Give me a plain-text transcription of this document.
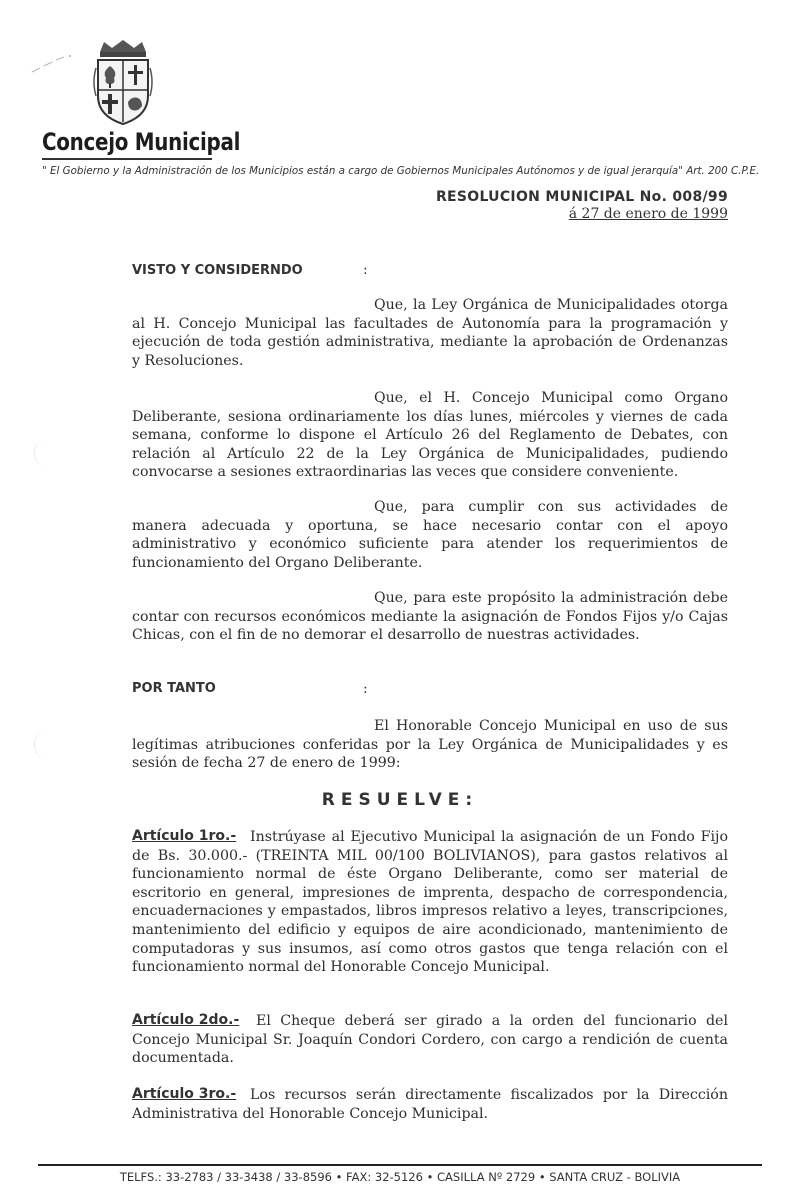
Concejo Municipal
" El Gobierno y la Administración de los Municipios están a cargo de Gobiernos Municipales Autónomos y de igual jerarquía" Art. 200 C.P.E.
RESOLUCION MUNICIPAL No. 008/99
á 27 de enero de 1999
VISTO Y CONSIDERNDO	:
Que, la Ley Orgánica de Municipalidades otorga al H. Concejo Municipal las facultades de Autonomía para la programación y ejecución de toda gestión administrativa, mediante la aprobación de Ordenanzas y Resoluciones.
Que, el H. Concejo Municipal como Organo Deliberante, sesiona ordinariamente los días lunes, miércoles y viernes de cada semana, conforme lo dispone el Artículo 26 del Reglamento de Debates, con relación al Artículo 22 de la Ley Orgánica de Municipalidades, pudiendo convocarse a sesiones extraordinarias las veces que considere conveniente.
Que, para cumplir con sus actividades de manera adecuada y oportuna, se hace necesario contar con el apoyo administrativo y económico suficiente para atender los requerimientos de funcionamiento del Organo Deliberante.
Que, para este propósito la administración debe contar con recursos económicos mediante la asignación de Fondos Fijos y/o Cajas Chicas, con el fin de no demorar el desarrollo de nuestras actividades.
POR TANTO	:
El Honorable Concejo Municipal en uso de sus legítimas atribuciones conferidas por la Ley Orgánica de Municipalidades y es sesión de fecha 27 de enero de 1999:
RESUELVE:
Artículo 1ro.- Instrúyase al Ejecutivo Municipal la asignación de un Fondo Fijo de Bs. 30.000.- (TREINTA MIL 00/100 BOLIVIANOS), para gastos relativos al funcionamiento normal de éste Organo Deliberante, como ser material de escritorio en general, impresiones de imprenta, despacho de correspondencia, encuadernaciones y empastados, libros impresos relativo a leyes, transcripciones, mantenimiento del edificio y equipos de aire acondicionado, mantenimiento de computadoras y sus insumos, así como otros gastos que tenga relación con el funcionamiento normal del Honorable Concejo Municipal.
Artículo 2do.-	El Cheque deberá ser girado a la orden del funcionario del Concejo Municipal Sr. Joaquín Condori Cordero, con cargo a rendición de cuenta documentada.
Artículo 3ro.- Los recursos serán directamente fiscalizados por la Dirección Administrativa del Honorable Concejo Municipal.
TELFS.: 33-2783 / 33-3438 / 33-8596 • FAX: 32-5126 • CASILLA Nº 2729 • SANTA CRUZ - BOLIVIA
